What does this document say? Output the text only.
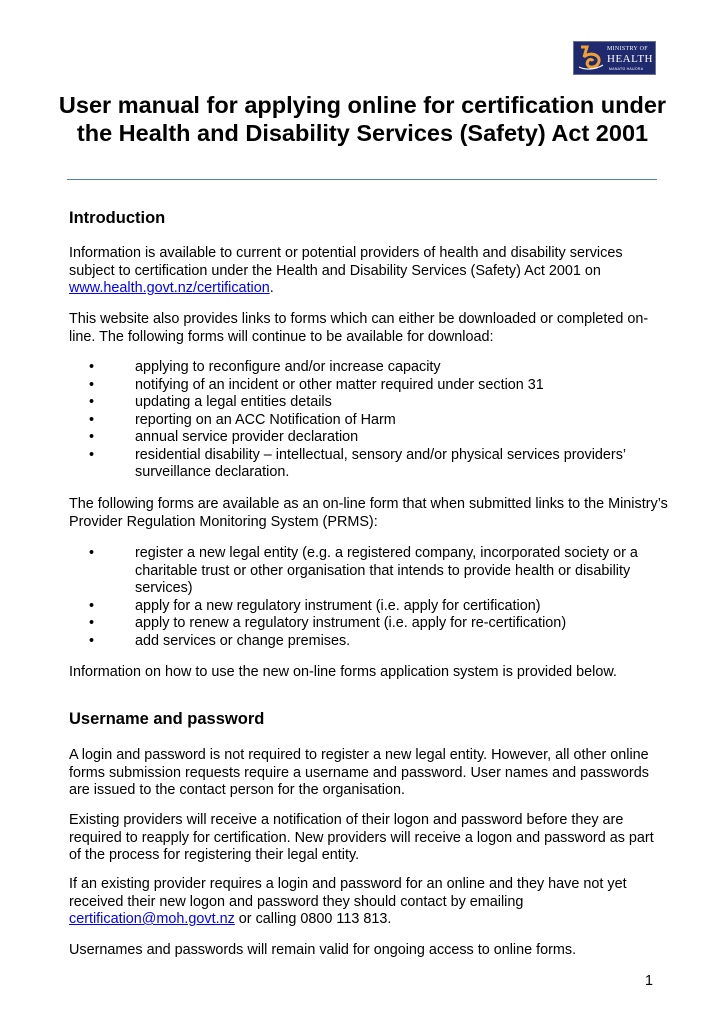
MINISTRY OF
HEALTH
MANATŪ HAUORA
User manual for applying online for certification under the Health and Disability Services (Safety) Act 2001
Introduction

Information is available to current or potential providers of health and disability services subject to certification under the Health and Disability Services (Safety) Act 2001 on www.health.govt.nz/certification.

This website also provides links to forms which can either be downloaded or completed on-line. The following forms will continue to be available for download:

•	applying to reconfigure and/or increase capacity
•	notifying of an incident or other matter required under section 31
•	updating a legal entities details
•	reporting on an ACC Notification of Harm
•	annual service provider declaration
•	residential disability – intellectual, sensory and/or physical services providers’ surveillance declaration.

The following forms are available as an on-line form that when submitted links to the Ministry’s Provider Regulation Monitoring System (PRMS):

•	register a new legal entity (e.g. a registered company, incorporated society or a charitable trust or other organisation that intends to provide health or disability services)
•	apply for a new regulatory instrument (i.e. apply for certification)
•	apply to renew a regulatory instrument (i.e. apply for re-certification)
•	add services or change premises.

Information on how to use the new on-line forms application system is provided below.

Username and password

A login and password is not required to register a new legal entity. However, all other online forms submission requests require a username and password. User names and passwords are issued to the contact person for the organisation.

Existing providers will receive a notification of their logon and password before they are required to reapply for certification. New providers will receive a logon and password as part of the process for registering their legal entity.

If an existing provider requires a login and password for an online and they have not yet received their new logon and password they should contact by emailing certification@moh.govt.nz or calling 0800 113 813.

Usernames and passwords will remain valid for ongoing access to online forms.

1
